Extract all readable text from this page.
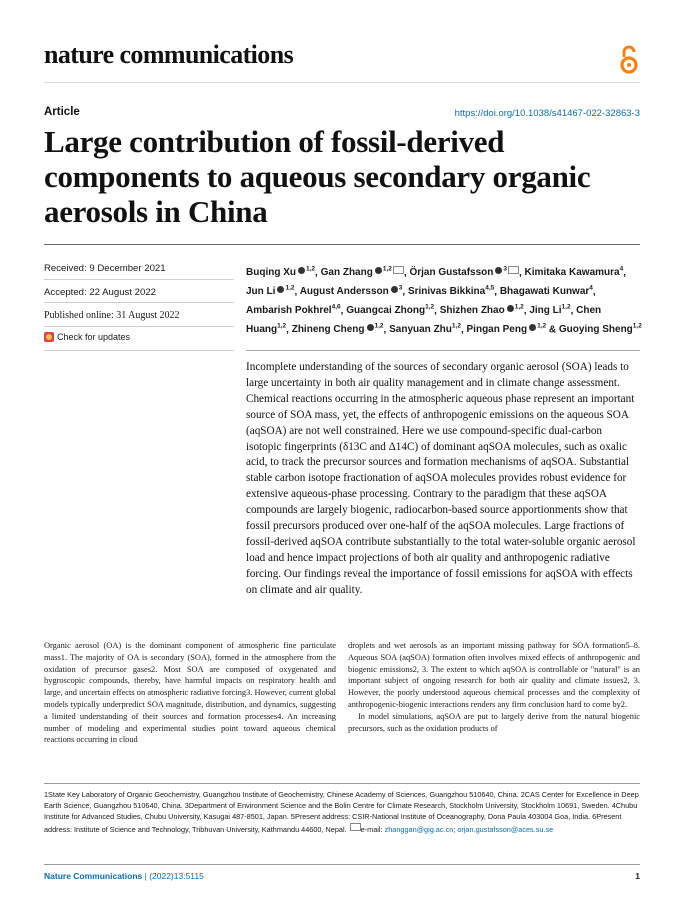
nature communications
Article	https://doi.org/10.1038/s41467-022-32863-3
Large contribution of fossil-derived components to aqueous secondary organic aerosols in China
Received: 9 December 2021
Accepted: 22 August 2022
Published online: 31 August 2022
Check for updates
Buqing Xu $^{1,2}$, Gan Zhang $^{1,2}$ , Örjan Gustafsson $^3$ , Kimitaka Kawamura$^4$, Jun Li $^{1,2}$, August Andersson $^3$, Srinivas Bikkina$^{4,5}$, Bhagawati Kunwar$^4$, Ambarish Pokhrel$^{4,6}$, Guangcai Zhong$^{1,2}$, Shizhen Zhao $^{1,2}$, Jing Li$^{1,2}$, Chen Huang$^{1,2}$, Zhineng Cheng $^{1,2}$, Sanyuan Zhu$^{1,2}$, Pingan Peng $^{1,2}$ & Guoying Sheng$^{1,2}$
Incomplete understanding of the sources of secondary organic aerosol (SOA) leads to large uncertainty in both air quality management and in climate change assessment. Chemical reactions occurring in the atmospheric aqueous phase represent an important source of SOA mass, yet, the effects of anthropogenic emissions on the aqueous SOA (aqSOA) are not well constrained. Here we use compound-specific dual-carbon isotopic fingerprints (δ13C and Δ14C) of dominant aqSOA molecules, such as oxalic acid, to track the precursor sources and formation mechanisms of aqSOA. Substantial stable carbon isotope fractionation of aqSOA molecules provides robust evidence for extensive aqueous-phase processing. Contrary to the paradigm that these aqSOA compounds are largely biogenic, radiocarbon-based source apportionments show that fossil precursors produced over one-half of the aqSOA molecules. Large fractions of fossil-derived aqSOA contribute substantially to the total water-soluble organic aerosol load and hence impact projections of both air quality and anthropogenic radiative forcing. Our findings reveal the importance of fossil emissions for aqSOA with effects on climate and air quality.

Organic aerosol (OA) is the dominant component of atmospheric fine particulate mass1. The majority of OA is secondary (SOA), formed in the atmosphere from the oxidation of precursor gases2. Most SOA are composed of oxygenated and hygroscopic compounds, thereby, have harmful impacts on respiratory health and large, and uncertain effects on atmospheric radiative forcing3. However, current global models typically underpredict SOA magnitude, distribution, and dynamics, suggesting a limited understanding of their sources and formation processes4. An increasing number of modeling and experimental studies point toward aqueous chemical reactions occurring in cloud

droplets and wet aerosols as an important missing pathway for SOA formation5–8. Aqueous SOA (aqSOA) formation often involves mixed effects of anthropogenic and biogenic emissions2, 3. The extent to which aqSOA is controllable or "natural" is an important subject of ongoing research for both air quality and climate issues2, 3. However, the poorly understood aqueous chemical processes and the complexity of anthropogenic-biogenic interactions renders any firm conclusion hard to come by2.

In model simulations, aqSOA are put to largely derive from the natural biogenic precursors, such as the oxidation products of

1State Key Laboratory of Organic Geochemistry, Guangzhou Institute of Geochemistry, Chinese Academy of Sciences, Guangzhou 510640, China. 2CAS Center for Excellence in Deep Earth Science, Guangzhou 510640, China. 3Department of Environment Science and the Bolin Centre for Climate Research, Stockholm University, Stockholm 10691, Sweden. 4Chubu Institute for Advanced Studies, Chubu University, Kasugai 487-8501, Japan. 5Present address: CSIR-National Institute of Oceanography, Dona Paula 403004 Goa, India. 6Present address: Institute of Science and Technology, Tribhuvan University, Kathmandu 44600, Nepal. e-mail: zhanggan@gig.ac.cn; orjan.gustafsson@aces.su.se
Nature Communications | (2022)13:5115	1
